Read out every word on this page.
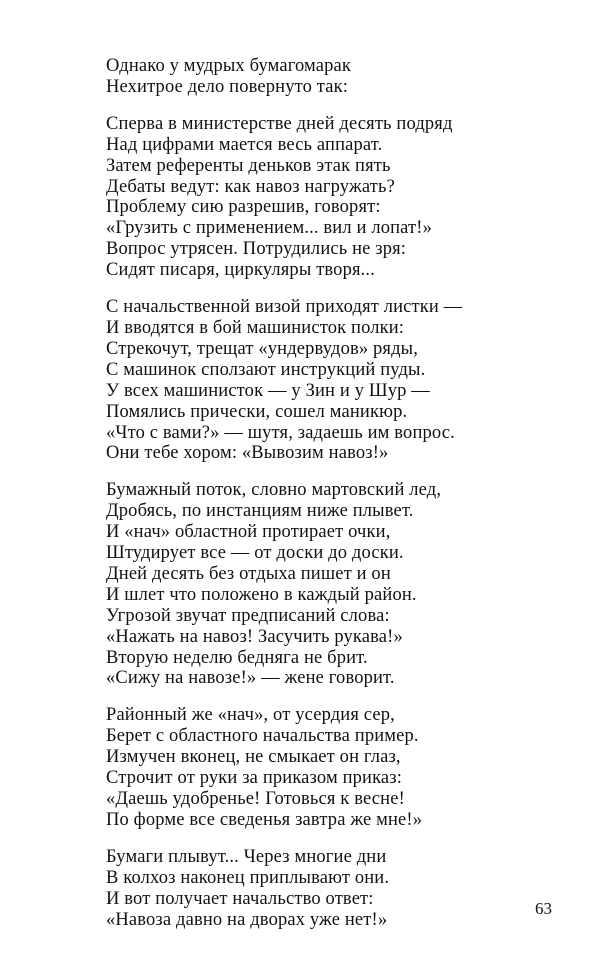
Однако у мудрых бумагомарак
Нехитрое дело повернуто так:
Сперва в министерстве дней десять подряд
Над цифрами мается весь аппарат.
Затем референты деньков этак пять
Дебаты ведут: как навоз нагружать?
Проблему сию разрешив, говорят:
«Грузить с применением... вил и лопат!»
Вопрос утрясен. Потрудились не зря:
Сидят писаря, циркуляры творя...
С начальственной визой приходят листки —
И вводятся в бой машинисток полки:
Стрекочут, трещат «ундервудов» ряды,
С машинок сползают инструкций пуды.
У всех машинисток — у Зин и у Шур —
Помялись прически, сошел маникюр.
«Что с вами?» — шутя, задаешь им вопрос.
Они тебе хором: «Вывозим навоз!»
Бумажный поток, словно мартовский лед,
Дробясь, по инстанциям ниже плывет.
И «нач» областной протирает очки,
Штудирует все — от доски до доски.
Дней десять без отдыха пишет и он
И шлет что положено в каждый район.
Угрозой звучат предписаний слова:
«Нажать на навоз! Засучить рукава!»
Вторую неделю бедняга не брит.
«Сижу на навозе!» — жене говорит.
Районный же «нач», от усердия сер,
Берет с областного начальства пример.
Измучен вконец, не смыкает он глаз,
Строчит от руки за приказом приказ:
«Даешь удобренье! Готовься к весне!
По форме все сведенья завтра же мне!»
Бумаги плывут... Через многие дни
В колхоз наконец приплывают они.
И вот получает начальство ответ:
«Навоза давно на дворах уже нет!»
63
